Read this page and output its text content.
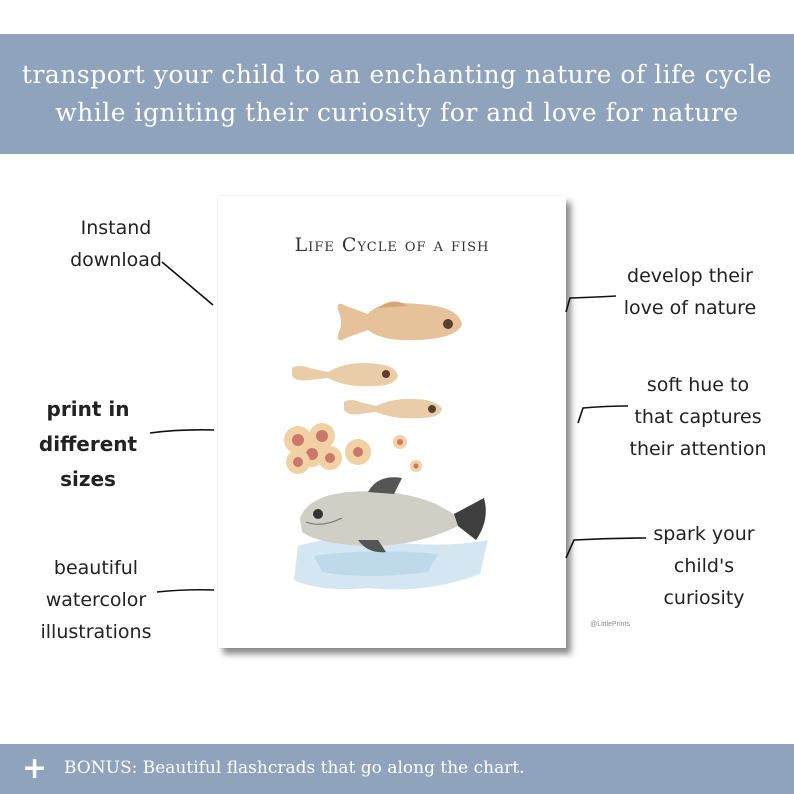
transport your child to an enchanting nature of life cycle
while igniting their curiosity for and love for nature
Life Cycle of a fish
@LittlePrints
Instand
download
print in
different
sizes
beautiful
watercolor
illustrations
develop their
love of nature
soft hue to
that captures
their attention
spark your
child's
curiosity
+ BONUS: Beautiful flashcrads that go along the chart.
